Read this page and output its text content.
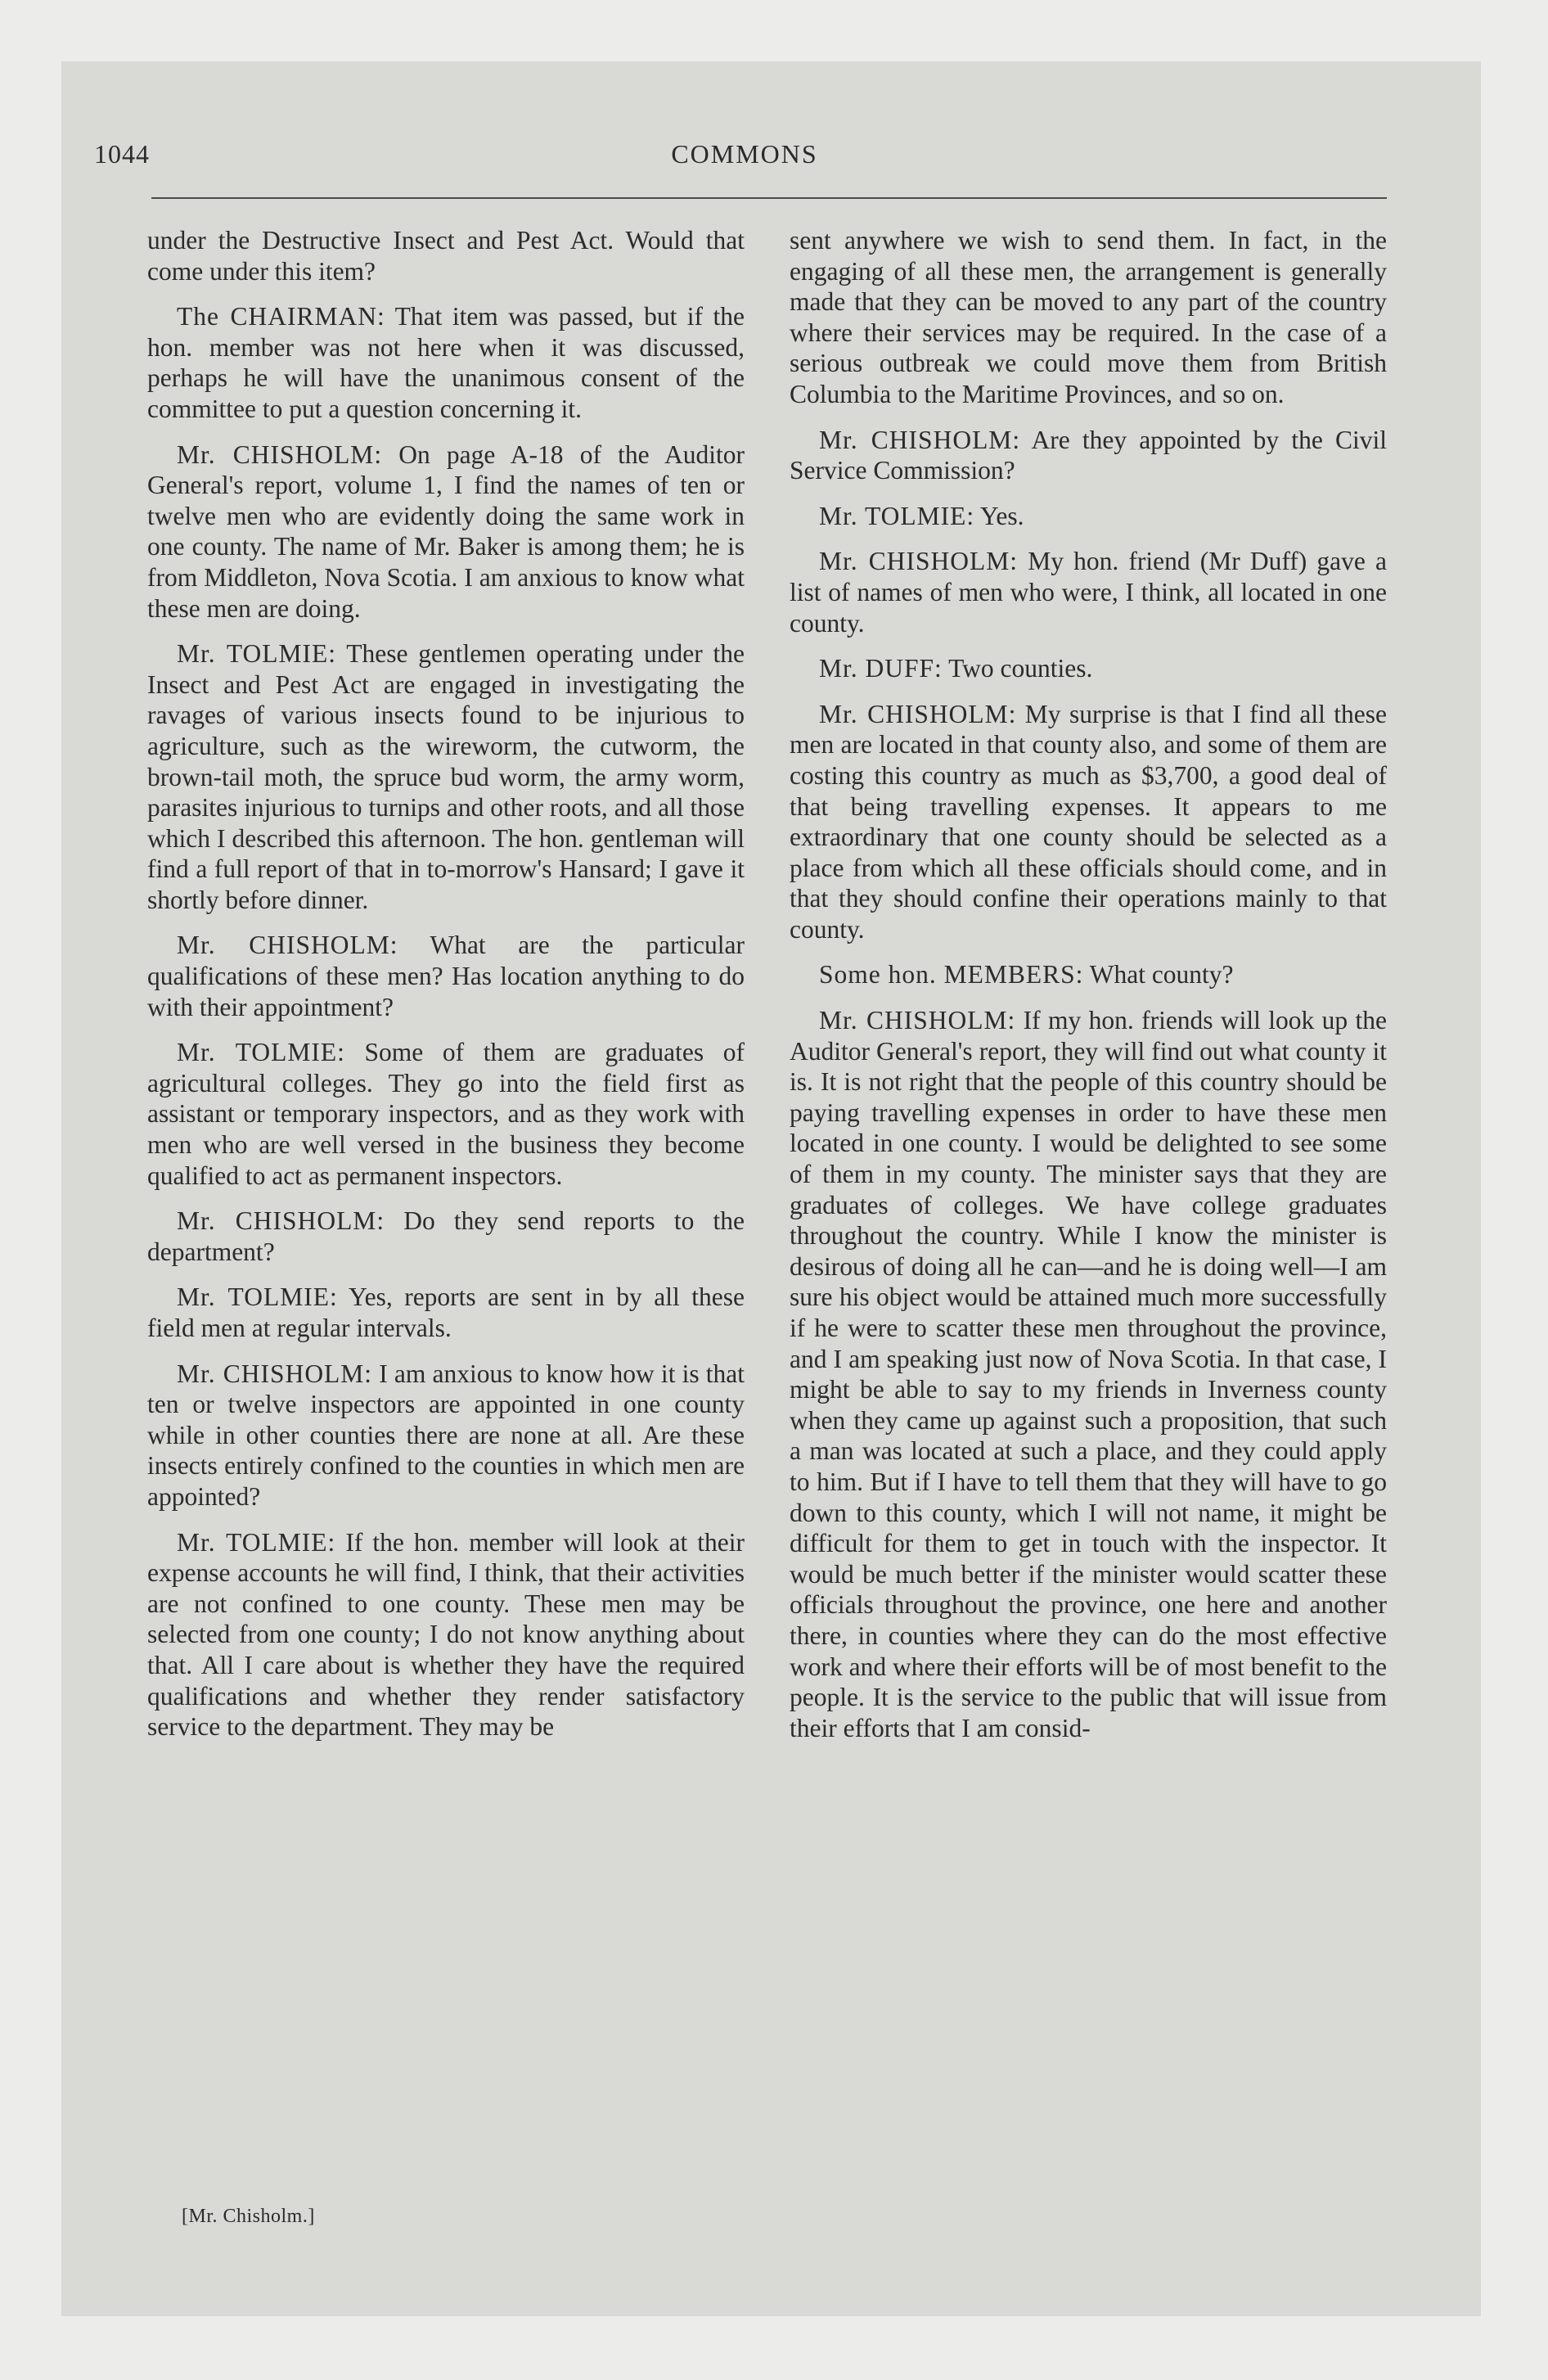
1044	COMMONS

under the Destructive Insect and Pest Act. Would that come under this item?

The CHAIRMAN: That item was passed, but if the hon. member was not here when it was discussed, perhaps he will have the unanimous consent of the committee to put a question concerning it.

Mr. CHISHOLM: On page A-18 of the Auditor General's report, volume 1, I find the names of ten or twelve men who are evidently doing the same work in one county. The name of Mr. Baker is among them; he is from Middleton, Nova Scotia. I am anxious to know what these men are doing.

Mr. TOLMIE: These gentlemen operating under the Insect and Pest Act are engaged in investigating the ravages of various insects found to be injurious to agriculture, such as the wireworm, the cutworm, the brown-tail moth, the spruce bud worm, the army worm, parasites injurious to turnips and other roots, and all those which I described this afternoon. The hon. gentleman will find a full report of that in to-morrow's Hansard; I gave it shortly before dinner.

Mr. CHISHOLM: What are the particular qualifications of these men? Has location anything to do with their appointment?

Mr. TOLMIE: Some of them are graduates of agricultural colleges. They go into the field first as assistant or temporary inspectors, and as they work with men who are well versed in the business they become qualified to act as permanent inspectors.

Mr. CHISHOLM: Do they send reports to the department?

Mr. TOLMIE: Yes, reports are sent in by all these field men at regular intervals.

Mr. CHISHOLM: I am anxious to know how it is that ten or twelve inspectors are appointed in one county while in other counties there are none at all. Are these insects entirely confined to the counties in which men are appointed?

Mr. TOLMIE: If the hon. member will look at their expense accounts he will find, I think, that their activities are not confined to one county. These men may be selected from one county; I do not know anything about that. All I care about is whether they have the required qualifications and whether they render satisfactory service to the department. They may be

sent anywhere we wish to send them. In fact, in the engaging of all these men, the arrangement is generally made that they can be moved to any part of the country where their services may be required. In the case of a serious outbreak we could move them from British Columbia to the Maritime Provinces, and so on.

Mr. CHISHOLM: Are they appointed by the Civil Service Commission?

Mr. TOLMIE: Yes.

Mr. CHISHOLM: My hon. friend (Mr Duff) gave a list of names of men who were, I think, all located in one county.

Mr. DUFF: Two counties.

Mr. CHISHOLM: My surprise is that I find all these men are located in that county also, and some of them are costing this country as much as $3,700, a good deal of that being travelling expenses. It appears to me extraordinary that one county should be selected as a place from which all these officials should come, and in that they should confine their operations mainly to that county.

Some hon. MEMBERS: What county?

Mr. CHISHOLM: If my hon. friends will look up the Auditor General's report, they will find out what county it is. It is not right that the people of this country should be paying travelling expenses in order to have these men located in one county. I would be delighted to see some of them in my county. The minister says that they are graduates of colleges. We have college graduates throughout the country. While I know the minister is desirous of doing all he can—and he is doing well—I am sure his object would be attained much more successfully if he were to scatter these men throughout the province, and I am speaking just now of Nova Scotia. In that case, I might be able to say to my friends in Inverness county when they came up against such a proposition, that such a man was located at such a place, and they could apply to him. But if I have to tell them that they will have to go down to this county, which I will not name, it might be difficult for them to get in touch with the inspector. It would be much better if the minister would scatter these officials throughout the province, one here and another there, in counties where they can do the most effective work and where their efforts will be of most benefit to the people. It is the service to the public that will issue from their efforts that I am consid-

[Mr. Chisholm.]
